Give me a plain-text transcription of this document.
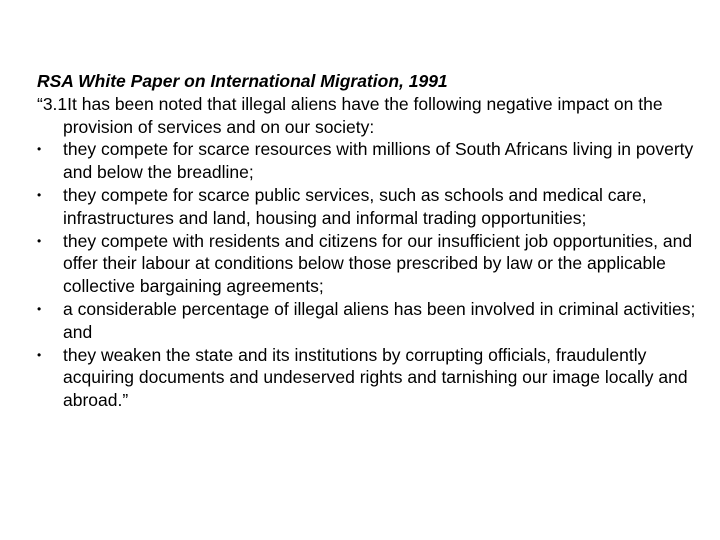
RSA White Paper on International Migration, 1991

“3.1It has been noted that illegal aliens have the following negative impact on the provision of services and on our society:

•	they compete for scarce resources with millions of South Africans living in poverty and below the breadline;
•	they compete for scarce public services, such as schools and medical care, infrastructures and land, housing and informal trading opportunities;
•	they compete with residents and citizens for our insufficient job opportunities, and offer their labour at conditions below those prescribed by law or the applicable collective bargaining agreements;
•	a considerable percentage of illegal aliens has been involved in criminal activities; and
•	they weaken the state and its institutions by corrupting officials, fraudulently acquiring documents and undeserved rights and tarnishing our image locally and abroad.”
